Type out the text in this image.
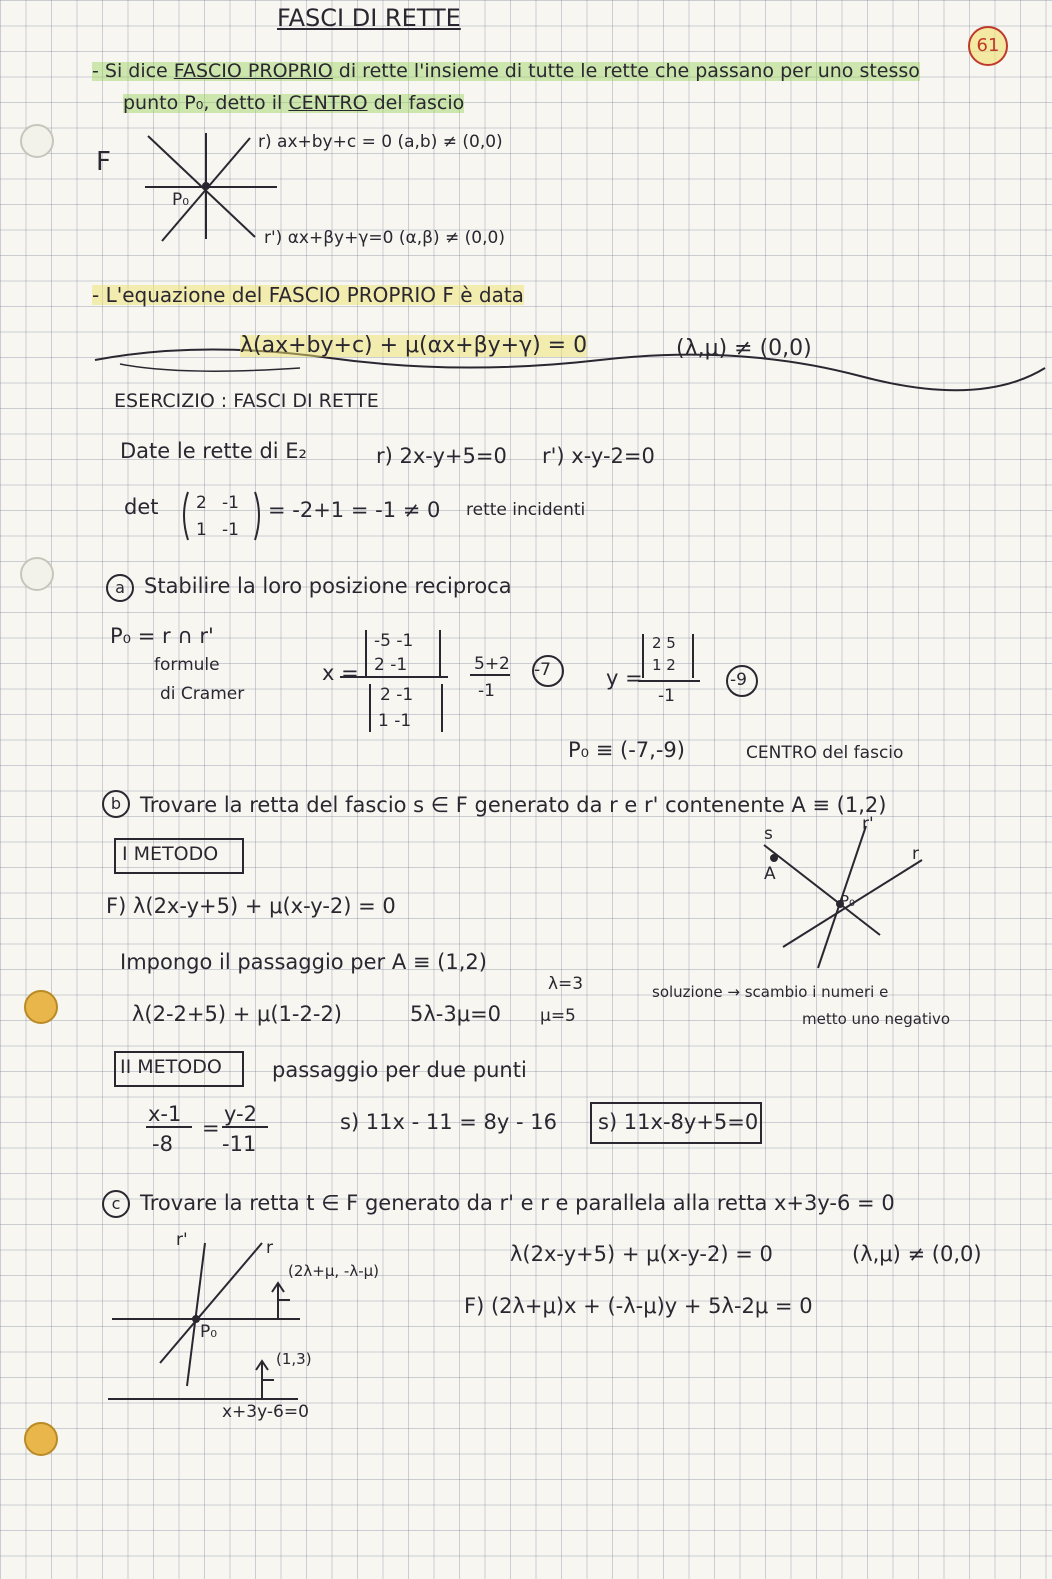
FASCI DI RETTE
61
- Si dice FASCIO PROPRIO di rette l'insieme di tutte le rette che passano per uno stesso
punto P₀, detto il CENTRO del fascio
F
P₀
r) ax+by+c = 0 (a,b) ≠ (0,0)
r') αx+βy+γ=0 (α,β) ≠ (0,0)
- L'equazione del FASCIO PROPRIO F è data
λ(ax+by+c) + μ(αx+βy+γ) = 0	(λ,μ) ≠ (0,0)
ESERCIZIO : FASCI DI RETTE
Date le rette di E₂	r) 2x-y+5=0 r') x-y-2=0
det 2 -1
1 -1
= -2+1 = -1 ≠ 0 rette incidenti
a Stabilire la loro posizione reciproca
P₀ = r ∩ r'
formule
di Cramer
x =
-5 -1
2 -1
2 -1
1 -1
5+2
-1
-7	y =
2 5
1 2
-1
-9
P₀ ≡ (-7,-9)	CENTRO del fascio
b Trovare la retta del fascio s ∈ F generato da r e r' contenente A ≡ (1,2)
I METODO
F) λ(2x-y+5) + μ(x-y-2) = 0
Impongo il passaggio per A ≡ (1,2)
λ(2-2+5) + μ(1-2-2)	5λ-3μ=0
λ=3
μ=5
soluzione → scambio i numeri e
metto uno negativo
s	r'
r
A
P₀
II METODO passaggio per due punti
x-1
-8
=
y-2
-11
s) 11x - 11 = 8y - 16 s) 11x-8y+5=0
c Trovare la retta t ∈ F generato da r' e r e parallela alla retta x+3y-6 = 0
λ(2x-y+5) + μ(x-y-2) = 0	(λ,μ) ≠ (0,0)
F) (2λ+μ)x + (-λ-μ)y + 5λ-2μ = 0
r'	r
(2λ+μ, -λ-μ)
P₀
(1,3)
x+3y-6=0
